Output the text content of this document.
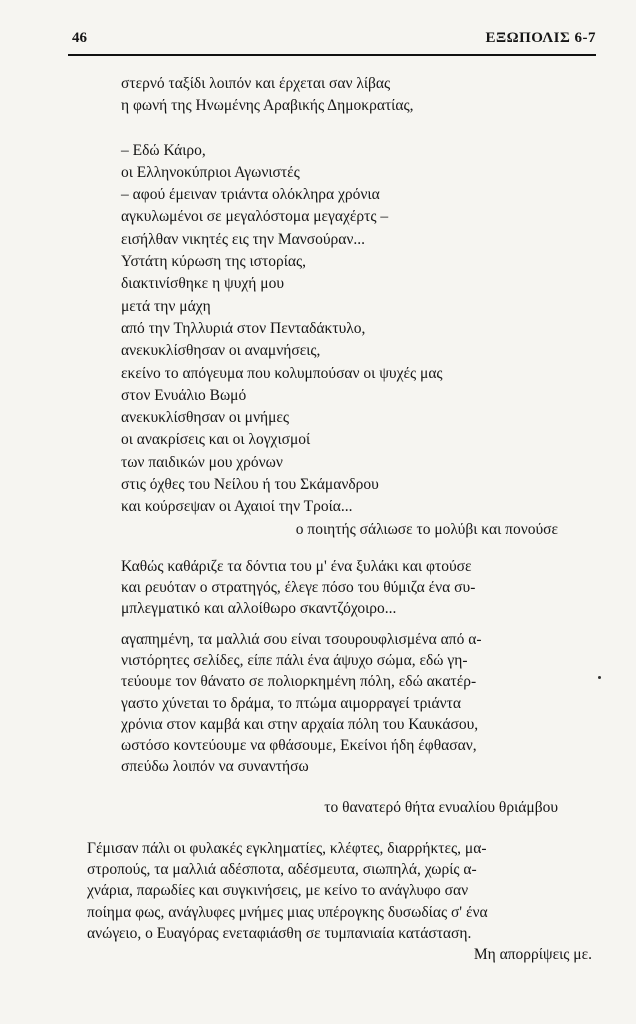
46	ΕΞΩΠΟΛΙΣ 6-7
στερνό ταξίδι λοιπόν και έρχεται σαν λίβας
η φωνή της Ηνωμένης Αραβικής Δημοκρατίας,
– Εδώ Κάιρο,
οι Ελληνοκύπριοι Αγωνιστές
– αφού έμειναν τριάντα ολόκληρα χρόνια
αγκυλωμένοι σε μεγαλόστομα μεγαχέρτς –
εισήλθαν νικητές εις την Μανσούραν...
Υστάτη κύρωση της ιστορίας,
διακτινίσθηκε η ψυχή μου
μετά την μάχη
από την Τηλλυριά στον Πενταδάκτυλο,
ανεκυκλίσθησαν οι αναμνήσεις,
εκείνο το απόγευμα που κολυμπούσαν οι ψυχές μας
στον Ενυάλιο Βωμό
ανεκυκλίσθησαν οι μνήμες
οι ανακρίσεις και οι λογχισμοί
των παιδικών μου χρόνων
στις όχθες του Νείλου ή του Σκάμανδρου
και κούρσεψαν οι Αχαιοί την Τροία...
ο ποιητής σάλιωσε το μολύβι και πονούσε
Καθώς καθάριζε τα δόντια του μ' ένα ξυλάκι και φτούσε
και ρευόταν ο στρατηγός, έλεγε πόσο του θύμιζα ένα συ-
μπλεγματικό και αλλοίθωρο σκαντζόχοιρο...
αγαπημένη, τα μαλλιά σου είναι τσουρουφλισμένα από α-
νιστόρητες σελίδες, είπε πάλι ένα άψυχο σώμα, εδώ γη-
τεύουμε τον θάνατο σε πολιορκημένη πόλη, εδώ ακατέρ-
γαστο χύνεται το δράμα, το πτώμα αιμορραγεί τριάντα
χρόνια στον καμβά και στην αρχαία πόλη του Καυκάσου,
ωστόσο κοντεύουμε να φθάσουμε, Εκείνοι ήδη έφθασαν,
σπεύδω λοιπόν να συναντήσω
το θανατερό θήτα ενυαλίου θριάμβου
Γέμισαν πάλι οι φυλακές εγκληματίες, κλέφτες, διαρρήκτες, μα-
στροπούς, τα μαλλιά αδέσποτα, αδέσμευτα, σιωπηλά, χωρίς α-
χνάρια, παρωδίες και συγκινήσεις, με κείνο το ανάγλυφο σαν
ποίημα φως, ανάγλυφες μνήμες μιας υπέρογκης δυσωδίας σ' ένα
ανώγειο, ο Ευαγόρας ενεταφιάσθη σε τυμπανιαία κατάσταση.
Μη απορρίψεις με.
